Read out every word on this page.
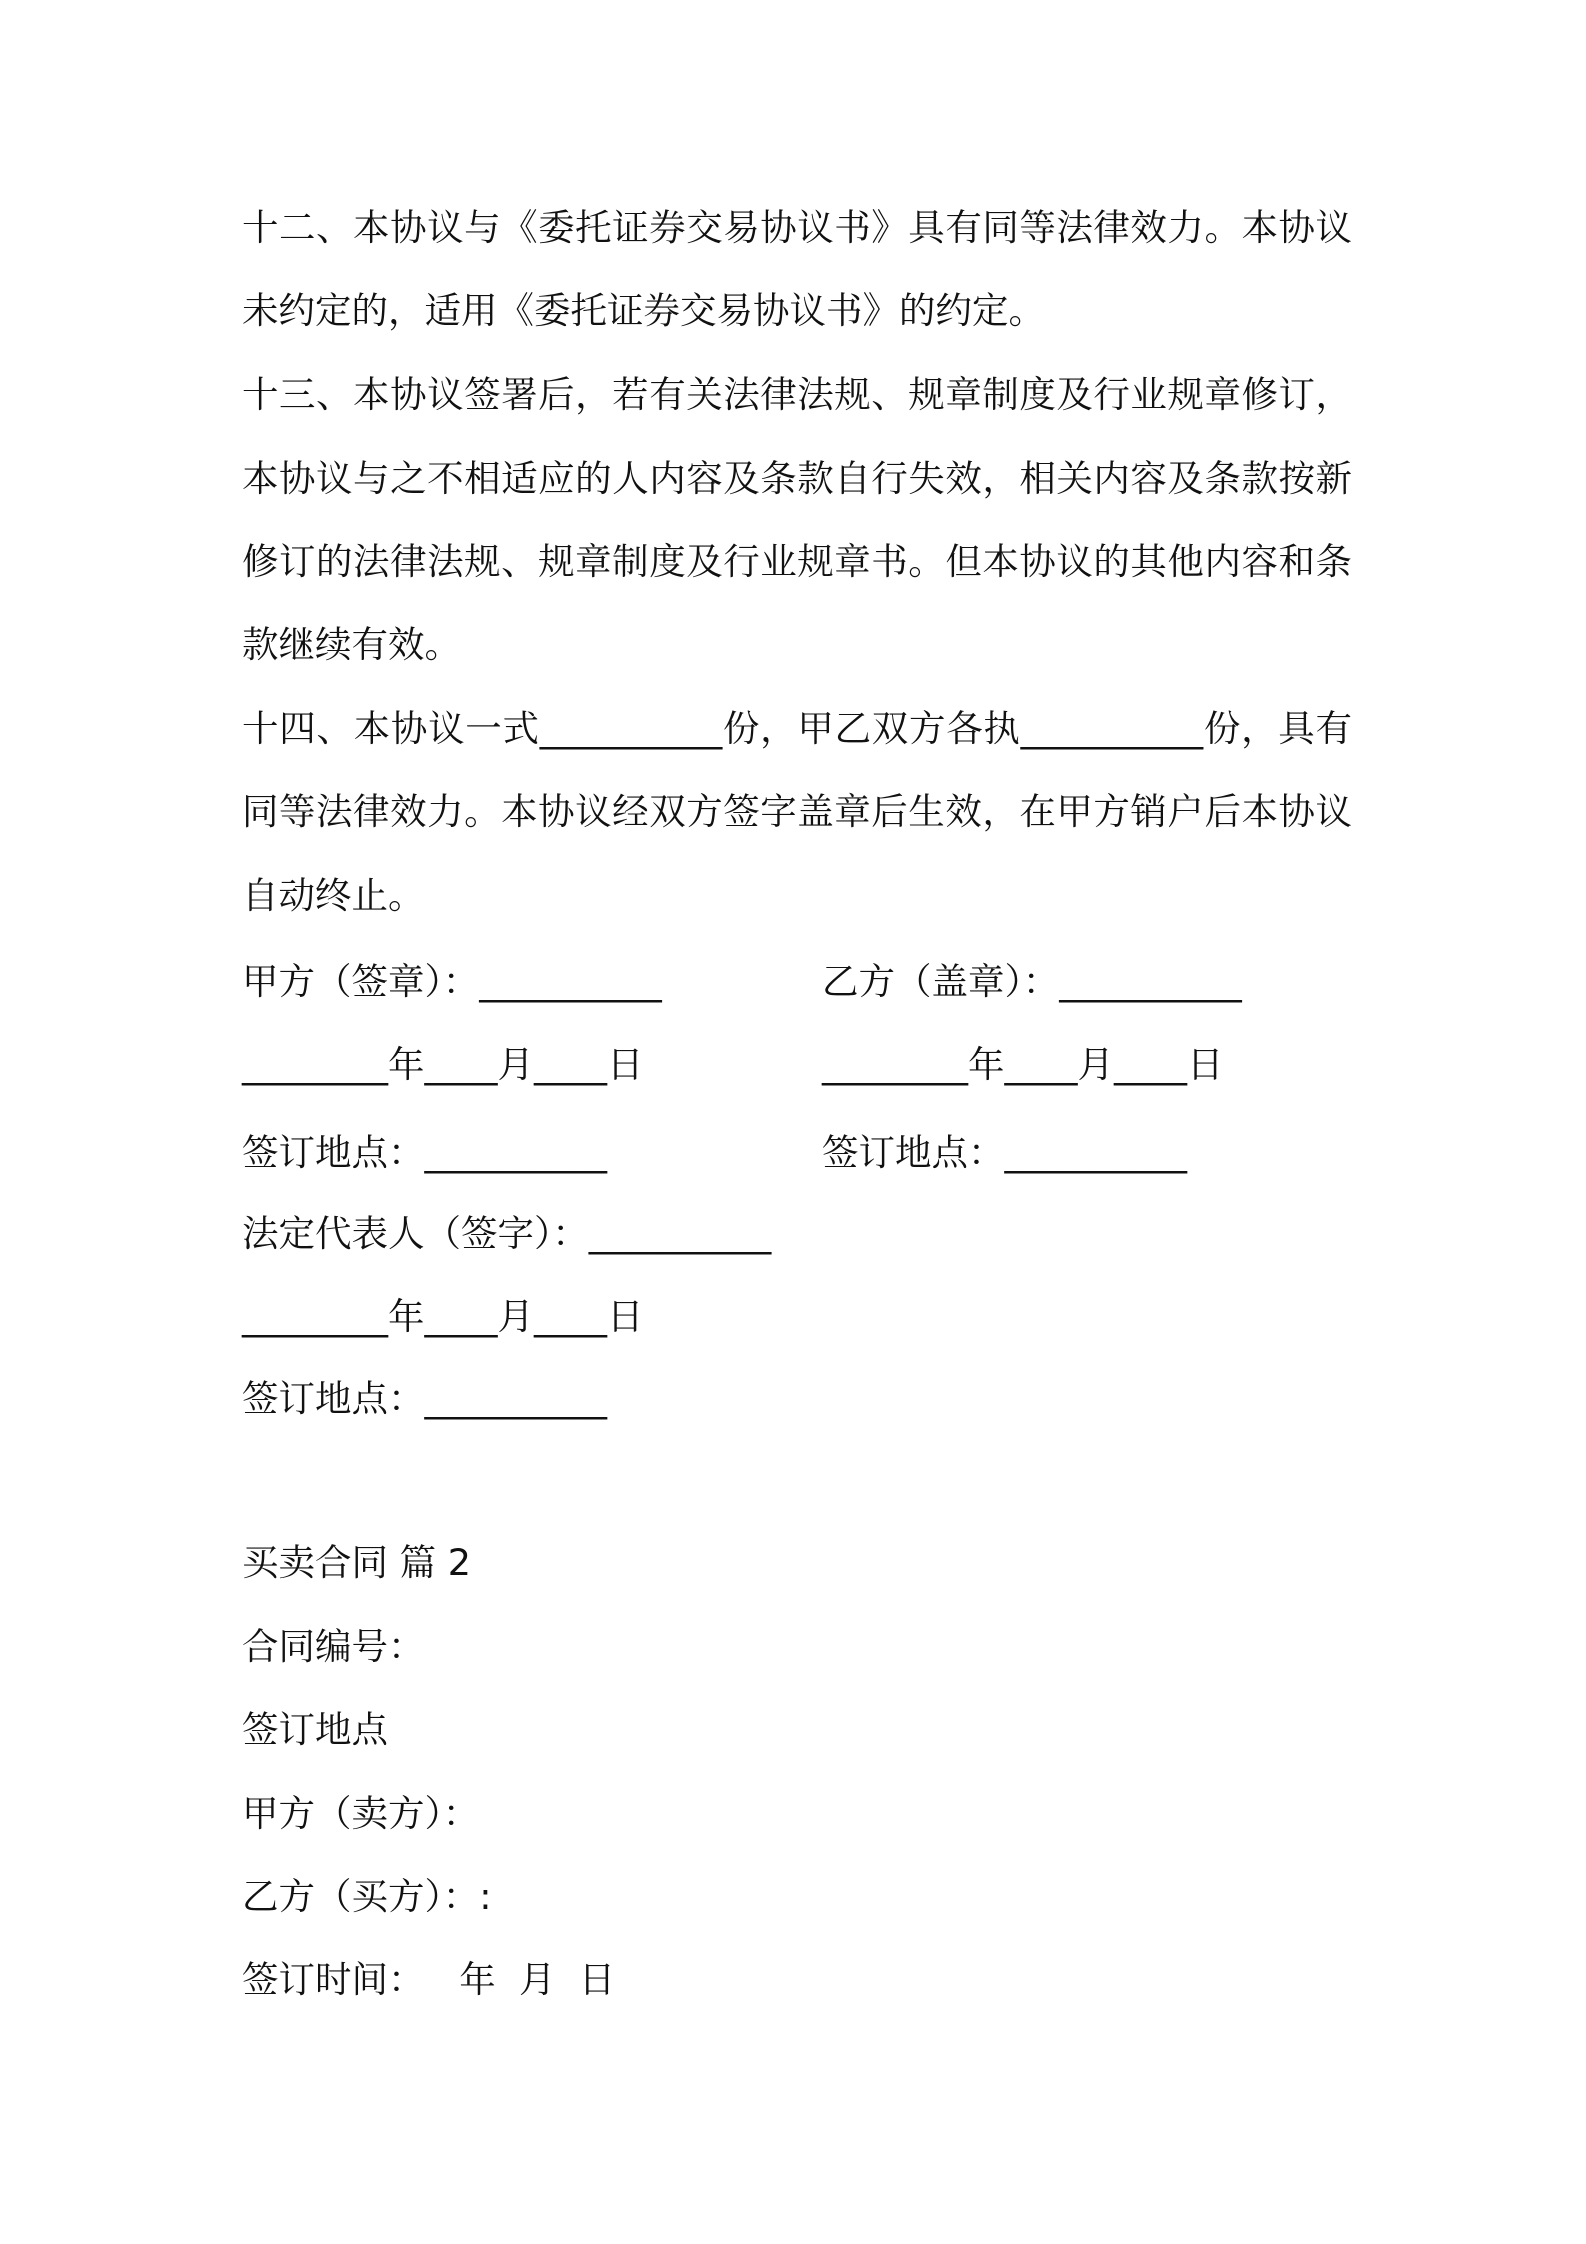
十二、本协议与《委托证券交易协议书》具有同等法律效力。本协议
未约定的，适用《委托证券交易协议书》的约定。
十三、本协议签署后，若有关法律法规、规章制度及行业规章修订，
本协议与之不相适应的人内容及条款自行失效，相关内容及条款按新
修订的法律法规、规章制度及行业规章书。但本协议的其他内容和条
款继续有效。
十四、本协议一式__________份，甲乙双方各执__________份，具有
同等法律效力。本协议经双方签字盖章后生效，在甲方销户后本协议
自动终止。
甲方（签章）：__________	乙方（盖章）：__________
________年____月____日	________年____月____日
签订地点：__________	签订地点：__________
法定代表人（签字）：__________
________年____月____日
签订地点：__________
买卖合同 篇 2
合同编号：
签订地点
甲方（卖方）：
乙方（买方）：:
签订时间：   年  月  日
